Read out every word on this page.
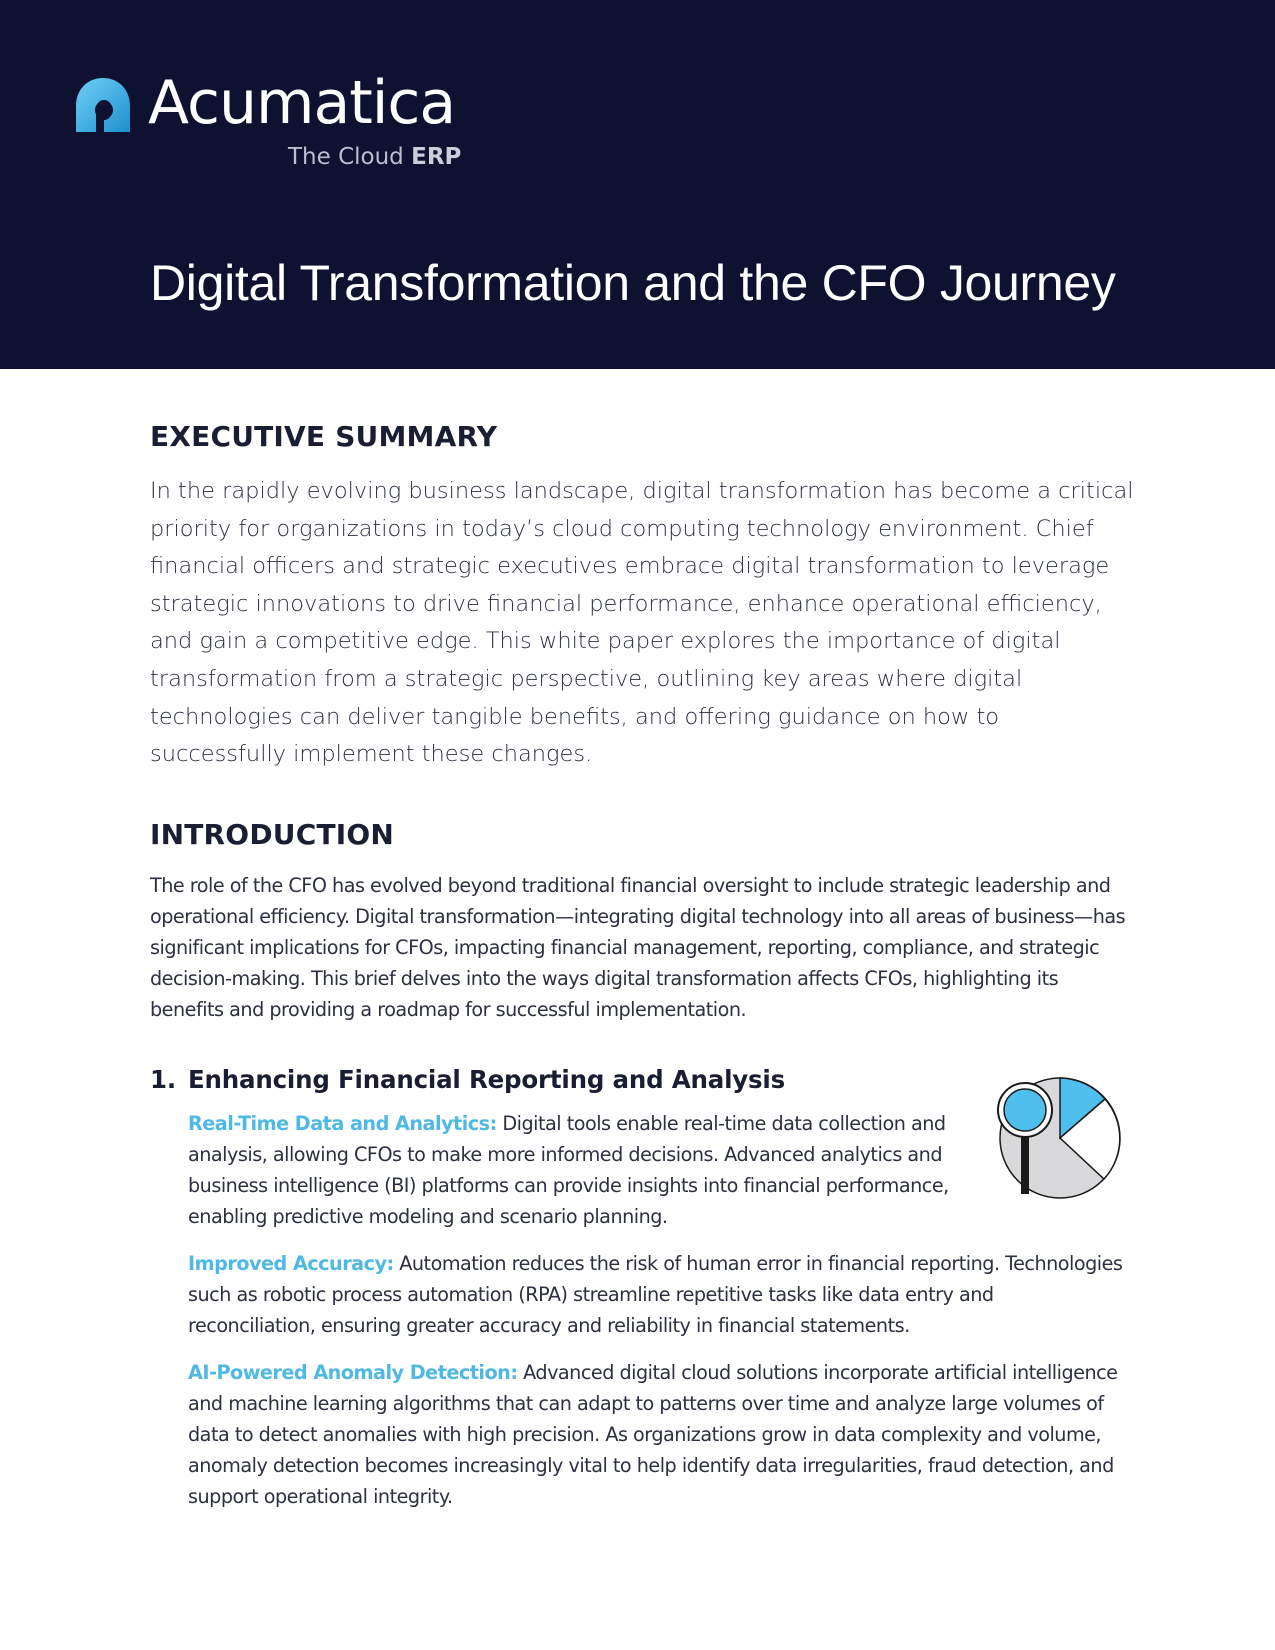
Acumatica
The Cloud ERP
Digital Transformation and the CFO Journey
EXECUTIVE SUMMARY

In the rapidly evolving business landscape, digital transformation has become a critical priority for organizations in today’s cloud computing technology environment. Chief financial officers and strategic executives embrace digital transformation to leverage strategic innovations to drive financial performance, enhance operational efficiency, and gain a competitive edge. This white paper explores the importance of digital transformation from a strategic perspective, outlining key areas where digital technologies can deliver tangible benefits, and offering guidance on how to successfully implement these changes.

INTRODUCTION

The role of the CFO has evolved beyond traditional financial oversight to include strategic leadership and operational efficiency. Digital transformation—integrating digital technology into all areas of business—has significant implications for CFOs, impacting financial management, reporting, compliance, and strategic decision-making. This brief delves into the ways digital transformation affects CFOs, highlighting its benefits and providing a roadmap for successful implementation.

1. Enhancing Financial Reporting and Analysis

Real-Time Data and Analytics: Digital tools enable real-time data collection and analysis, allowing CFOs to make more informed decisions. Advanced analytics and business intelligence (BI) platforms can provide insights into financial performance, enabling predictive modeling and scenario planning.

Improved Accuracy: Automation reduces the risk of human error in financial reporting. Technologies such as robotic process automation (RPA) streamline repetitive tasks like data entry and reconciliation, ensuring greater accuracy and reliability in financial statements.

AI-Powered Anomaly Detection: Advanced digital cloud solutions incorporate artificial intelligence and machine learning algorithms that can adapt to patterns over time and analyze large volumes of data to detect anomalies with high precision. As organizations grow in data complexity and volume, anomaly detection becomes increasingly vital to help identify data irregularities, fraud detection, and support operational integrity.
